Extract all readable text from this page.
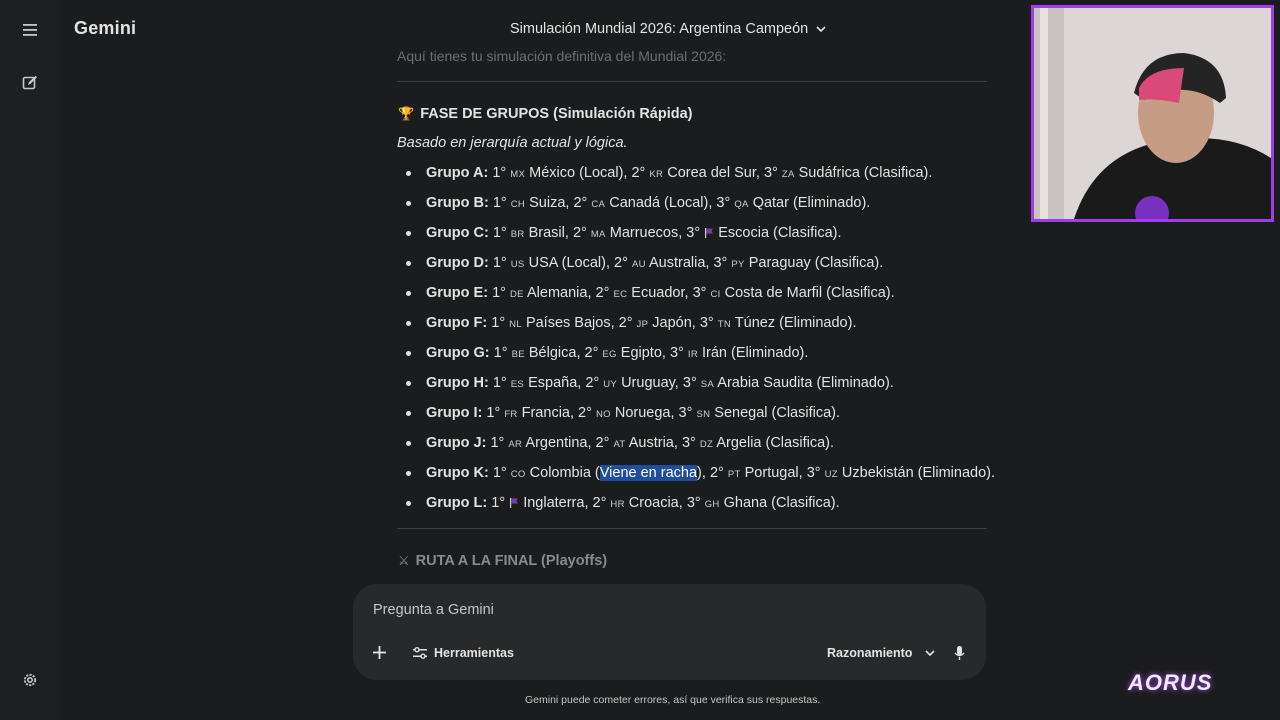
Gemini	Simulación Mundial 2026: Argentina Campeón
Aquí tienes tu simulación definitiva del Mundial 2026:
🏆 FASE DE GRUPOS (Simulación Rápida)
Basado en jerarquía actual y lógica.
Grupo A: 1° MX México (Local), 2° KR Corea del Sur, 3° ZA Sudáfrica (Clasifica).
Grupo B: 1° CH Suiza, 2° CA Canadá (Local), 3° QA Qatar (Eliminado).
Grupo C: 1° BR Brasil, 2° MA Marruecos, 3° Escocia (Clasifica).
Grupo D: 1° US USA (Local), 2° AU Australia, 3° PY Paraguay (Clasifica).
Grupo E: 1° DE Alemania, 2° EC Ecuador, 3° CI Costa de Marfil (Clasifica).
Grupo F: 1° NL Países Bajos, 2° JP Japón, 3° TN Túnez (Eliminado).
Grupo G: 1° BE Bélgica, 2° EG Egipto, 3° IR Irán (Eliminado).
Grupo H: 1° ES España, 2° UY Uruguay, 3° SA Arabia Saudita (Eliminado).
Grupo I: 1° FR Francia, 2° NO Noruega, 3° SN Senegal (Clasifica).
Grupo J: 1° AR Argentina, 2° AT Austria, 3° DZ Argelia (Clasifica).
Grupo K: 1° CO Colombia (Viene en racha), 2° PT Portugal, 3° UZ Uzbekistán (Eliminado).
Grupo L: 1° Inglaterra, 2° HR Croacia, 3° GH Ghana (Clasifica).
⚔ RUTA A LA FINAL (Playoffs)
Pregunta a Gemini
Herramientas	Razonamiento
Gemini puede cometer errores, así que verifica sus respuestas.
AORUS
